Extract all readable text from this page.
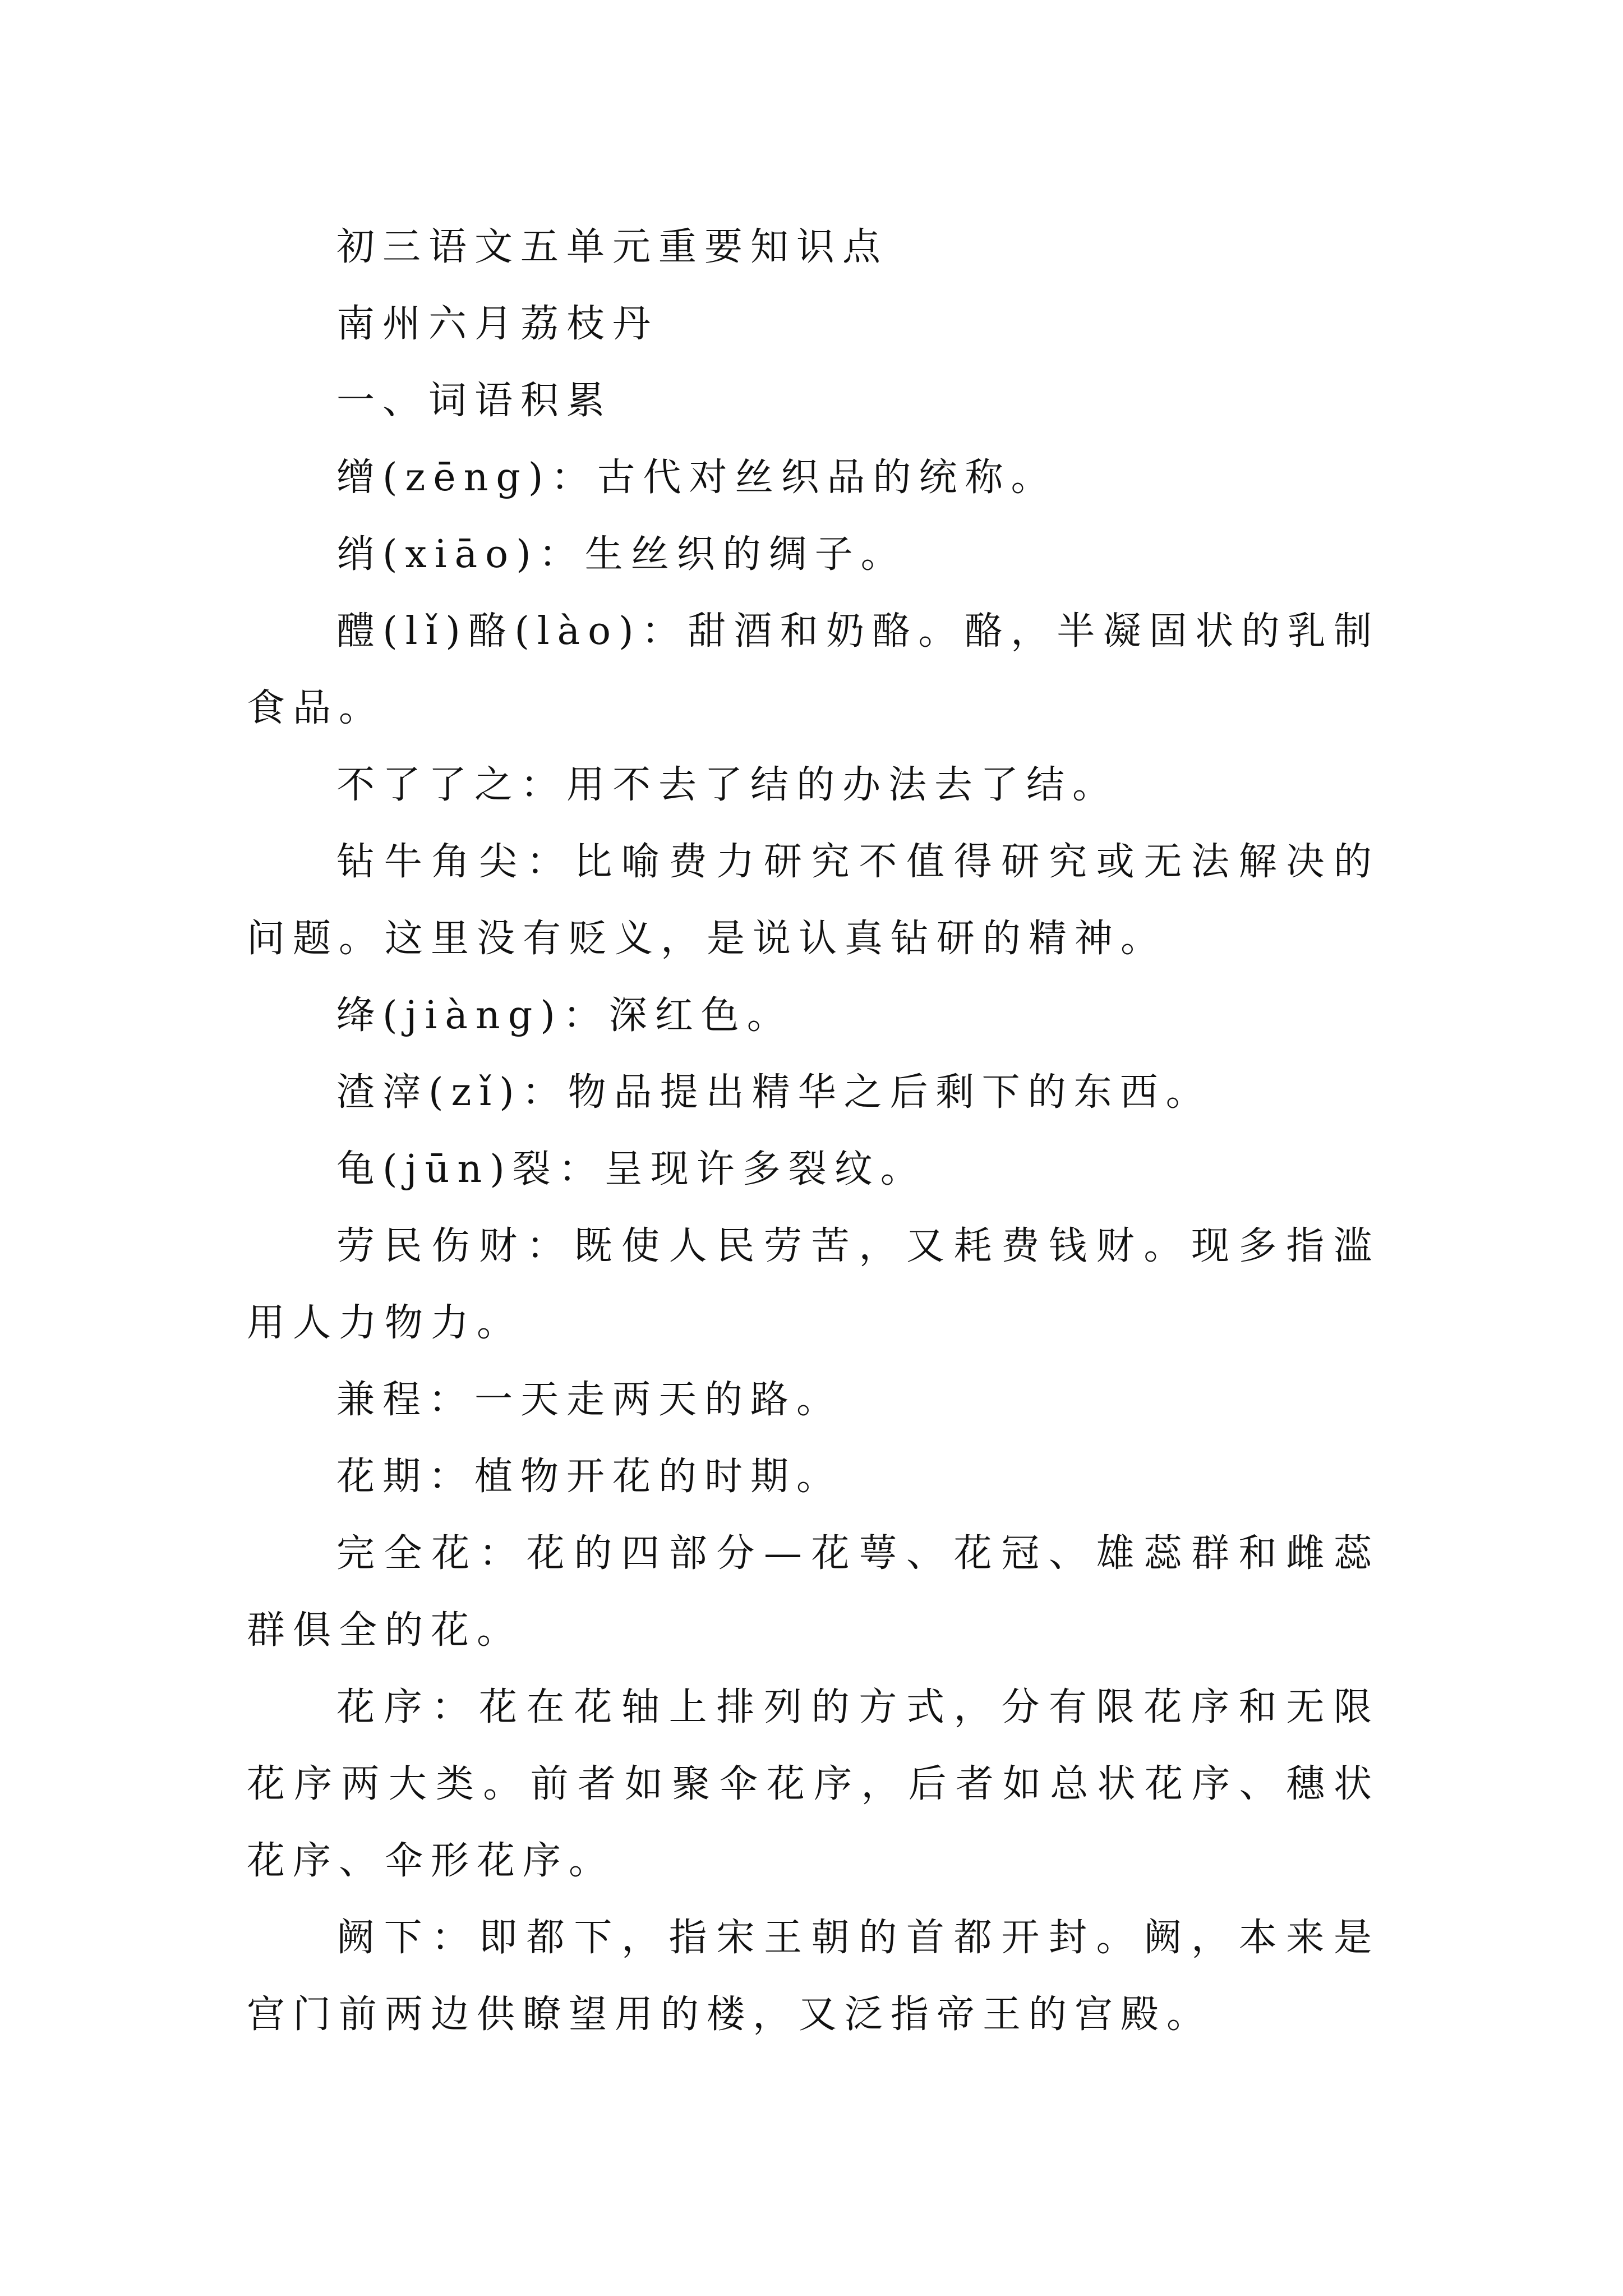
初三语文五单元重要知识点

南州六月荔枝丹

一、词语积累

缯(zēng)：古代对丝织品的统称。

绡(xiāo)：生丝织的绸子。

醴(lǐ)酪(lào)：甜酒和奶酪。酪，半凝固状的乳制食品。

不了了之：用不去了结的办法去了结。

钻牛角尖：比喻费力研究不值得研究或无法解决的问题。这里没有贬义，是说认真钻研的精神。

绛(jiàng)：深红色。

渣滓(zǐ)：物品提出精华之后剩下的东西。

龟(jūn)裂：呈现许多裂纹。

劳民伤财：既使人民劳苦，又耗费钱财。现多指滥用人力物力。

兼程：一天走两天的路。

花期：植物开花的时期。

完全花：花的四部分—花萼、花冠、雄蕊群和雌蕊群俱全的花。

花序：花在花轴上排列的方式，分有限花序和无限花序两大类。前者如聚伞花序，后者如总状花序、穗状花序、伞形花序。

阙下：即都下，指宋王朝的首都开封。阙，本来是宫门前两边供瞭望用的楼，又泛指帝王的宫殿。
